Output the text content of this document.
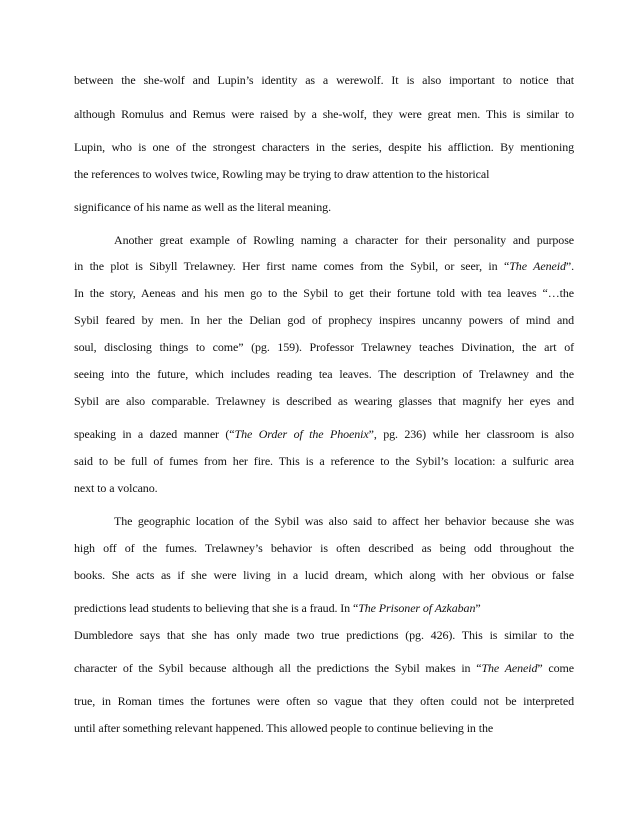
between the she-wolf and Lupin’s identity as a werewolf. It is also important to notice that
although Romulus and Remus were raised by a she-wolf, they were great men. This is similar to
Lupin, who is one of the strongest characters in the series, despite his affliction. By mentioning
the references to wolves twice, Rowling may be trying to draw attention to the historical
significance of his name as well as the literal meaning.
Another great example of Rowling naming a character for their personality and purpose
in the plot is Sibyll Trelawney. Her first name comes from the Sybil, or seer, in “The Aeneid”.
In the story, Aeneas and his men go to the Sybil to get their fortune told with tea leaves “…the
Sybil feared by men. In her the Delian god of prophecy inspires uncanny powers of mind and
soul, disclosing things to come” (pg. 159). Professor Trelawney teaches Divination, the art of
seeing into the future, which includes reading tea leaves. The description of Trelawney and the
Sybil are also comparable. Trelawney is described as wearing glasses that magnify her eyes and
speaking in a dazed manner (“The Order of the Phoenix”, pg. 236) while her classroom is also
said to be full of fumes from her fire. This is a reference to the Sybil’s location: a sulfuric area
next to a volcano.
The geographic location of the Sybil was also said to affect her behavior because she was
high off of the fumes. Trelawney’s behavior is often described as being odd throughout the
books. She acts as if she were living in a lucid dream, which along with her obvious or false
predictions lead students to believing that she is a fraud. In “The Prisoner of Azkaban”
Dumbledore says that she has only made two true predictions (pg. 426). This is similar to the
character of the Sybil because although all the predictions the Sybil makes in “The Aeneid” come
true, in Roman times the fortunes were often so vague that they often could not be interpreted
until after something relevant happened. This allowed people to continue believing in the
